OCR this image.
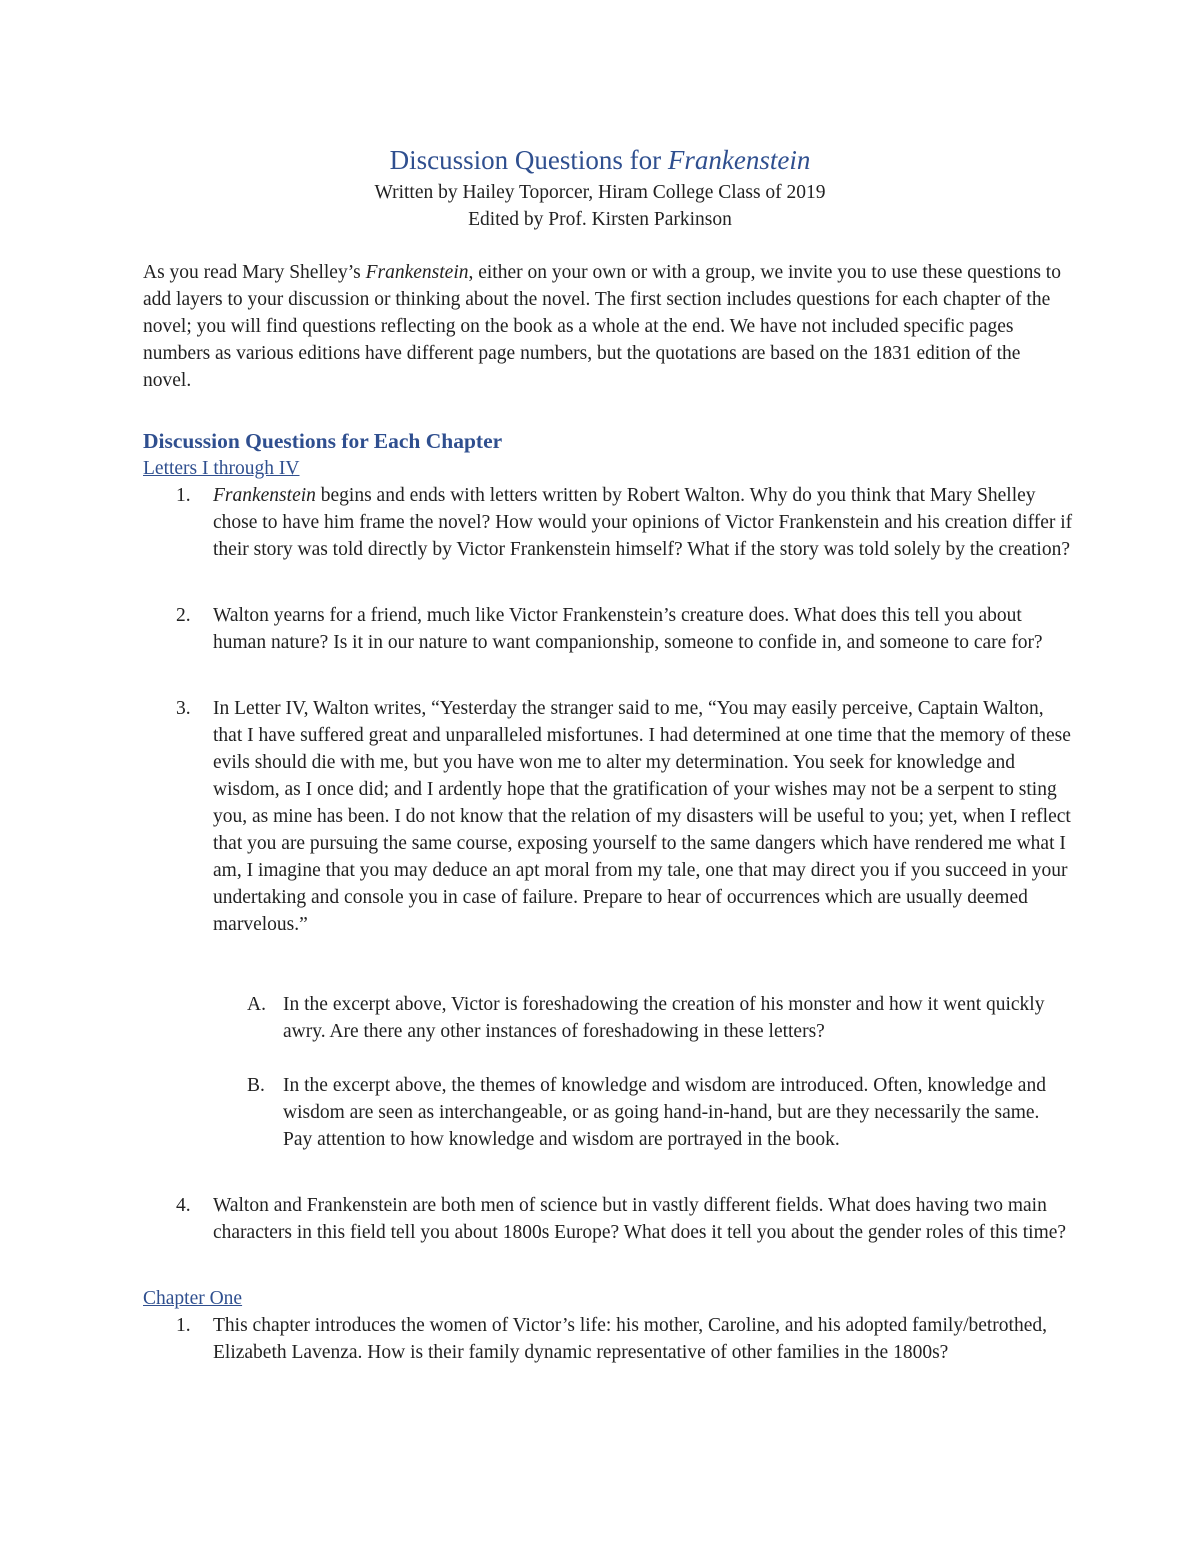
Discussion Questions for Frankenstein
Written by Hailey Toporcer, Hiram College Class of 2019
Edited by Prof. Kirsten Parkinson

As you read Mary Shelley’s Frankenstein, either on your own or with a group, we invite you to use these questions to add layers to your discussion or thinking about the novel. The first section includes questions for each chapter of the novel; you will find questions reflecting on the book as a whole at the end. We have not included specific pages numbers as various editions have different page numbers, but the quotations are based on the 1831 edition of the novel.

Discussion Questions for Each Chapter
Letters I through IV
1. Frankenstein begins and ends with letters written by Robert Walton. Why do you think that Mary Shelley chose to have him frame the novel? How would your opinions of Victor Frankenstein and his creation differ if their story was told directly by Victor Frankenstein himself? What if the story was told solely by the creation?
2. Walton yearns for a friend, much like Victor Frankenstein’s creature does. What does this tell you about human nature? Is it in our nature to want companionship, someone to confide in, and someone to care for?
3. In Letter IV, Walton writes, “Yesterday the stranger said to me, “You may easily perceive, Captain Walton, that I have suffered great and unparalleled misfortunes. I had determined at one time that the memory of these evils should die with me, but you have won me to alter my determination. You seek for knowledge and wisdom, as I once did; and I ardently hope that the gratification of your wishes may not be a serpent to sting you, as mine has been. I do not know that the relation of my disasters will be useful to you; yet, when I reflect that you are pursuing the same course, exposing yourself to the same dangers which have rendered me what I am, I imagine that you may deduce an apt moral from my tale, one that may direct you if you succeed in your undertaking and console you in case of failure. Prepare to hear of occurrences which are usually deemed marvelous.”
A. In the excerpt above, Victor is foreshadowing the creation of his monster and how it went quickly awry. Are there any other instances of foreshadowing in these letters?
B. In the excerpt above, the themes of knowledge and wisdom are introduced. Often, knowledge and wisdom are seen as interchangeable, or as going hand-in-hand, but are they necessarily the same. Pay attention to how knowledge and wisdom are portrayed in the book.
4. Walton and Frankenstein are both men of science but in vastly different fields. What does having two main characters in this field tell you about 1800s Europe? What does it tell you about the gender roles of this time?
Chapter One
1. This chapter introduces the women of Victor’s life: his mother, Caroline, and his adopted family/betrothed, Elizabeth Lavenza. How is their family dynamic representative of other families in the 1800s?
